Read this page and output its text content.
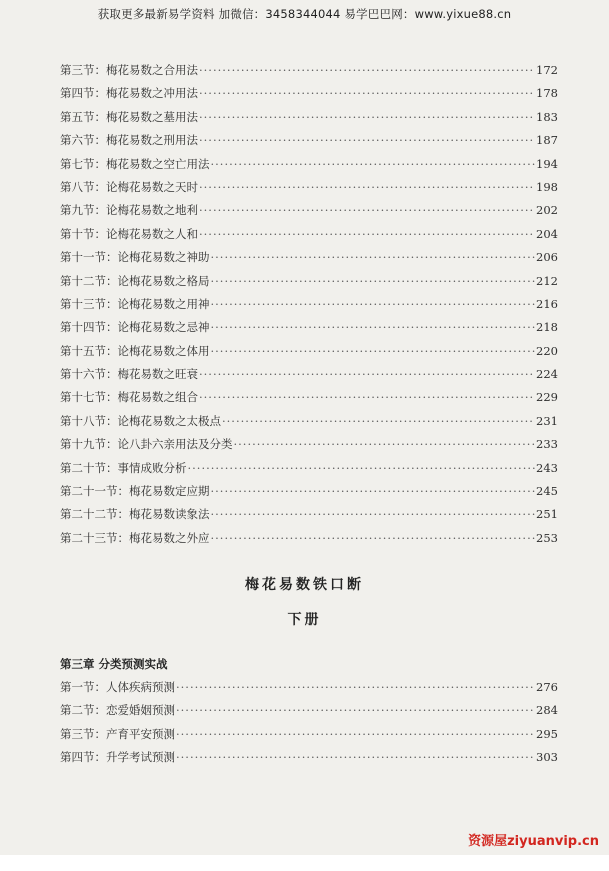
获取更多最新易学资料 加微信：3458344044 易学巴巴网：www.yixue88.cn
第三节： 梅花易数之合用法 ·····	172
第四节： 梅花易数之冲用法 ·····	178
第五节： 梅花易数之墓用法 ·····	183
第六节： 梅花易数之刑用法 ·····	187
第七节： 梅花易数之空亡用法 ·····	194
第八节： 论梅花易数之天时 ·····	198
第九节： 论梅花易数之地利 ·····	202
第十节： 论梅花易数之人和 ·····	204
第十一节： 论梅花易数之神助 ·····	206
第十二节： 论梅花易数之格局 ·····	212
第十三节： 论梅花易数之用神 ·····	216
第十四节： 论梅花易数之忌神 ·····	218
第十五节： 论梅花易数之体用 ·····	220
第十六节： 梅花易数之旺衰 ·····	224
第十七节： 梅花易数之组合 ·····	229
第十八节： 论梅花易数之太极点 ·····	231
第十九节： 论八卦六亲用法及分类 ·····	233
第二十节： 事情成败分析 ·····	243
第二十一节： 梅花易数定应期 ·····	245
第二十二节： 梅花易数读象法 ·····	251
第二十三节： 梅花易数之外应 ·····	253
梅花易数铁口断
下册
第三章 分类预测实战
第一节： 人体疾病预测 ·····	276
第二节： 恋爱婚姻预测 ·····	284
第三节： 产育平安预测 ·····	295
第四节： 升学考试预测 ·····	303
资源屋ziyuanvip.cn
